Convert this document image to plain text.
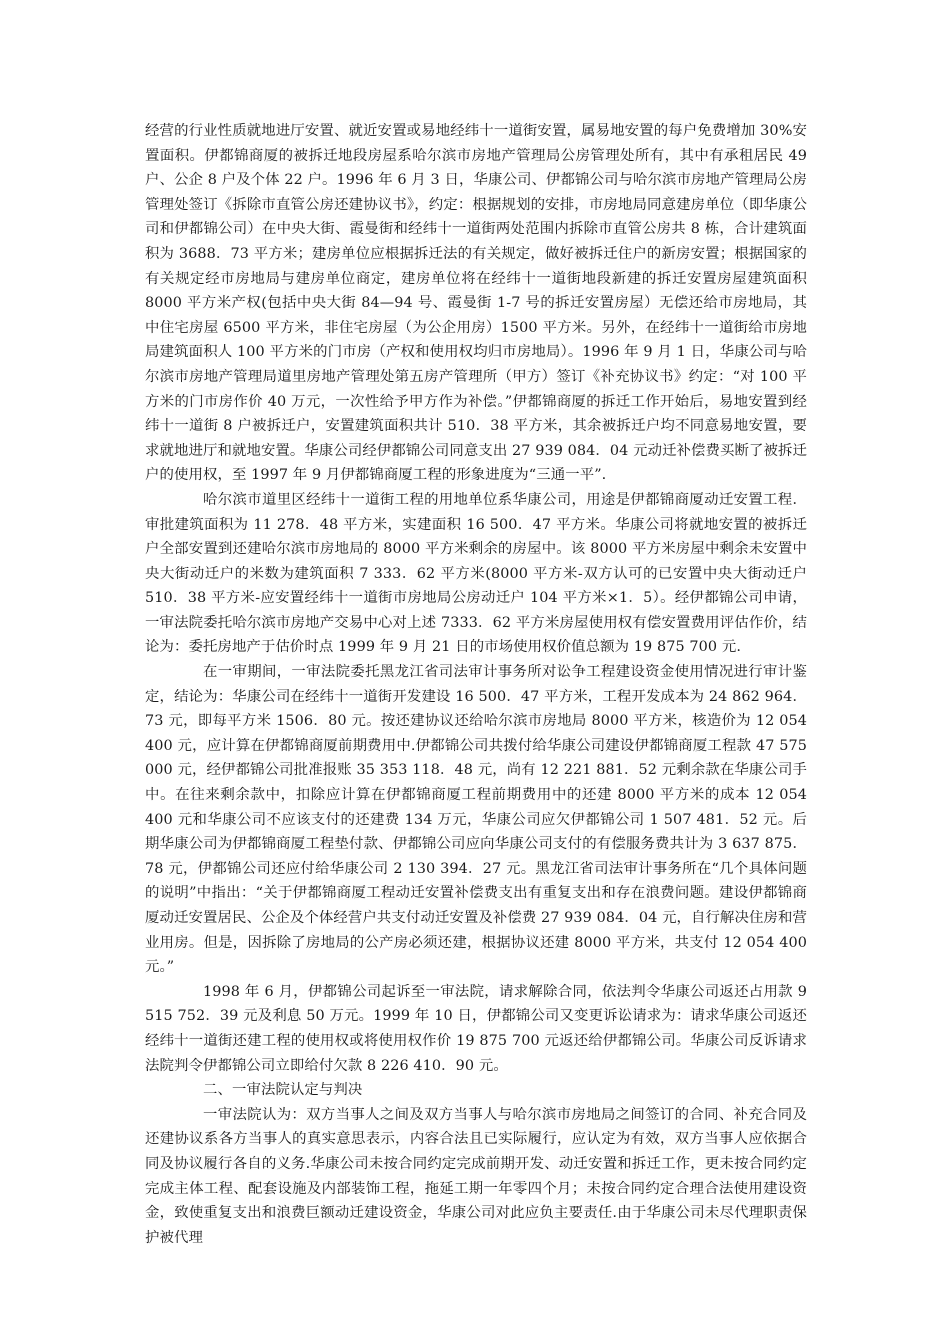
经营的行业性质就地进厅安置、就近安置或易地经纬十一道街安置，属易地安置的每户免费增加 30%安置面积。伊都锦商厦的被拆迁地段房屋系哈尔滨市房地产管理局公房管理处所有，其中有承租居民 49 户、公企 8 户及个体 22 户。1996 年 6 月 3 日，华康公司、伊都锦公司与哈尔滨市房地产管理局公房管理处签订《拆除市直管公房还建协议书》，约定：根据规划的安排，市房地局同意建房单位（即华康公司和伊都锦公司）在中央大街、霞曼街和经纬十一道街两处范围内拆除市直管公房共 8 栋，合计建筑面积为 3688．73 平方米；建房单位应根据拆迁法的有关规定，做好被拆迁住户的新房安置；根据国家的有关规定经市房地局与建房单位商定，建房单位将在经纬十一道街地段新建的拆迁安置房屋建筑面积 8000 平方米产权(包括中央大街 84—94 号、霞曼街 1-7 号的拆迁安置房屋）无偿还给市房地局，其中住宅房屋 6500 平方米，非住宅房屋（为公企用房）1500 平方米。另外，在经纬十一道街给市房地局建筑面积人 100 平方米的门市房（产权和使用权均归市房地局）。1996 年 9 月 1 日，华康公司与哈尔滨市房地产管理局道里房地产管理处第五房产管理所（甲方）签订《补充协议书》约定：“对 100 平方米的门市房作价 40 万元，一次性给予甲方作为补偿。”伊都锦商厦的拆迁工作开始后，易地安置到经纬十一道街 8 户被拆迁户，安置建筑面积共计 510．38 平方米，其余被拆迁户均不同意易地安置，要求就地进厅和就地安置。华康公司经伊都锦公司同意支出 27 939 084．04 元动迁补偿费买断了被拆迁户的使用权，至 1997 年 9 月伊都锦商厦工程的形象进度为“三通一平”.

哈尔滨市道里区经纬十一道街工程的用地单位系华康公司，用途是伊都锦商厦动迁安置工程．审批建筑面积为 11 278．48 平方米，实建面积 16 500．47 平方米。华康公司将就地安置的被拆迁户全部安置到还建哈尔滨市房地局的 8000 平方米剩余的房屋中。该 8000 平方米房屋中剩余未安置中央大街动迁户的米数为建筑面积 7 333．62 平方米(8000 平方米-双方认可的已安置中央大街动迁户 510．38 平方米-应安置经纬十一道街市房地局公房动迁户 104 平方米×1．5）。经伊都锦公司申请，一审法院委托哈尔滨市房地产交易中心对上述 7333．62 平方米房屋使用权有偿安置费用评估作价，结论为：委托房地产于估价时点 1999 年 9 月 21 日的市场使用权价值总额为 19 875 700 元.

在一审期间，一审法院委托黑龙江省司法审计事务所对讼争工程建设资金使用情况进行审计鉴定，结论为：华康公司在经纬十一道街开发建设 16 500．47 平方米，工程开发成本为 24 862 964．73 元，即每平方米 1506．80 元。按还建协议还给哈尔滨市房地局 8000 平方米，核造价为 12 054 400 元，应计算在伊都锦商厦前期费用中.伊都锦公司共拨付给华康公司建设伊都锦商厦工程款 47 575 000 元，经伊都锦公司批准报账 35 353 118．48 元，尚有 12 221 881．52 元剩余款在华康公司手中。在往来剩余款中，扣除应计算在伊都锦商厦工程前期费用中的还建 8000 平方米的成本 12 054 400 元和华康公司不应该支付的还建费 134 万元，华康公司应欠伊都锦公司 1 507 481．52 元。后期华康公司为伊都锦商厦工程垫付款、伊都锦公司应向华康公司支付的有偿服务费共计为 3 637 875．78 元，伊都锦公司还应付给华康公司 2 130 394．27 元。黑龙江省司法审计事务所在“几个具体问题的说明”中指出：“关于伊都锦商厦工程动迁安置补偿费支出有重复支出和存在浪费问题。建设伊都锦商厦动迁安置居民、公企及个体经营户共支付动迁安置及补偿费 27 939 084．04 元，自行解决住房和营业用房。但是，因拆除了房地局的公产房必须还建，根据协议还建 8000 平方米，共支付 12 054 400 元。”

1998 年 6 月，伊都锦公司起诉至一审法院，请求解除合同，依法判令华康公司返还占用款 9 515 752．39 元及利息 50 万元。1999 年 10 日，伊都锦公司又变更诉讼请求为：请求华康公司返还经纬十一道街还建工程的使用权或将使用权作价 19 875 700 元返还给伊都锦公司。华康公司反诉请求法院判令伊都锦公司立即给付欠款 8 226 410．90 元。

二、一审法院认定与判决

一审法院认为：双方当事人之间及双方当事人与哈尔滨市房地局之间签订的合同、补充合同及还建协议系各方当事人的真实意思表示，内容合法且已实际履行，应认定为有效，双方当事人应依据合同及协议履行各自的义务.华康公司未按合同约定完成前期开发、动迁安置和拆迁工作，更未按合同约定完成主体工程、配套设施及内部装饰工程，拖延工期一年零四个月；未按合同约定合理合法使用建设资金，致使重复支出和浪费巨额动迁建设资金，华康公司对此应负主要责任.由于华康公司未尽代理职责保护被代理
